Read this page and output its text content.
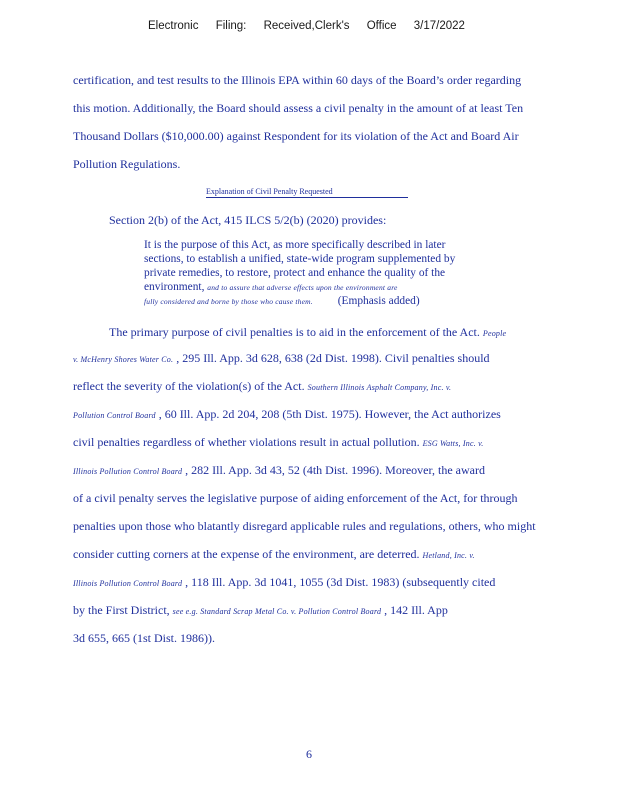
Electronic Filing: Received,Clerk's Office 3/17/2022
certification, and test results to the Illinois EPA within 60 days of the Board’s order regarding
this motion. Additionally, the Board should assess a civil penalty in the amount of at least Ten
Thousand Dollars ($10,000.00) against Respondent for its violation of the Act and Board Air
Pollution Regulations.
Explanation of Civil Penalty Requested
Section 2(b) of the Act, 415 ILCS 5/2(b) (2020) provides:
It is the purpose of this Act, as more specifically described in later
sections, to establish a unified, state-wide program supplemented by
private remedies, to restore, protect and enhance the quality of the
environment, and to assure that adverse effects upon the environment are
fully considered and borne by those who cause them. (Emphasis added)
The primary purpose of civil penalties is to aid in the enforcement of the Act. People
v. McHenry Shores Water Co. , 295 Ill. App. 3d 628, 638 (2d Dist. 1998). Civil penalties should
reflect the severity of the violation(s) of the Act. Southern Illinois Asphalt Company, Inc. v.
Pollution Control Board , 60 Ill. App. 2d 204, 208 (5th Dist. 1975). However, the Act authorizes
civil penalties regardless of whether violations result in actual pollution. ESG Watts, Inc. v.
Illinois Pollution Control Board , 282 Ill. App. 3d 43, 52 (4th Dist. 1996). Moreover, the award
of a civil penalty serves the legislative purpose of aiding enforcement of the Act, for through
penalties upon those who blatantly disregard applicable rules and regulations, others, who might
consider cutting corners at the expense of the environment, are deterred. Hetland, Inc. v.
Illinois Pollution Control Board , 118 Ill. App. 3d 1041, 1055 (3d Dist. 1983) (subsequently cited
by the First District, see e.g. Standard Scrap Metal Co. v. Pollution Control Board , 142 Ill. App
3d 655, 665 (1st Dist. 1986)).
6
